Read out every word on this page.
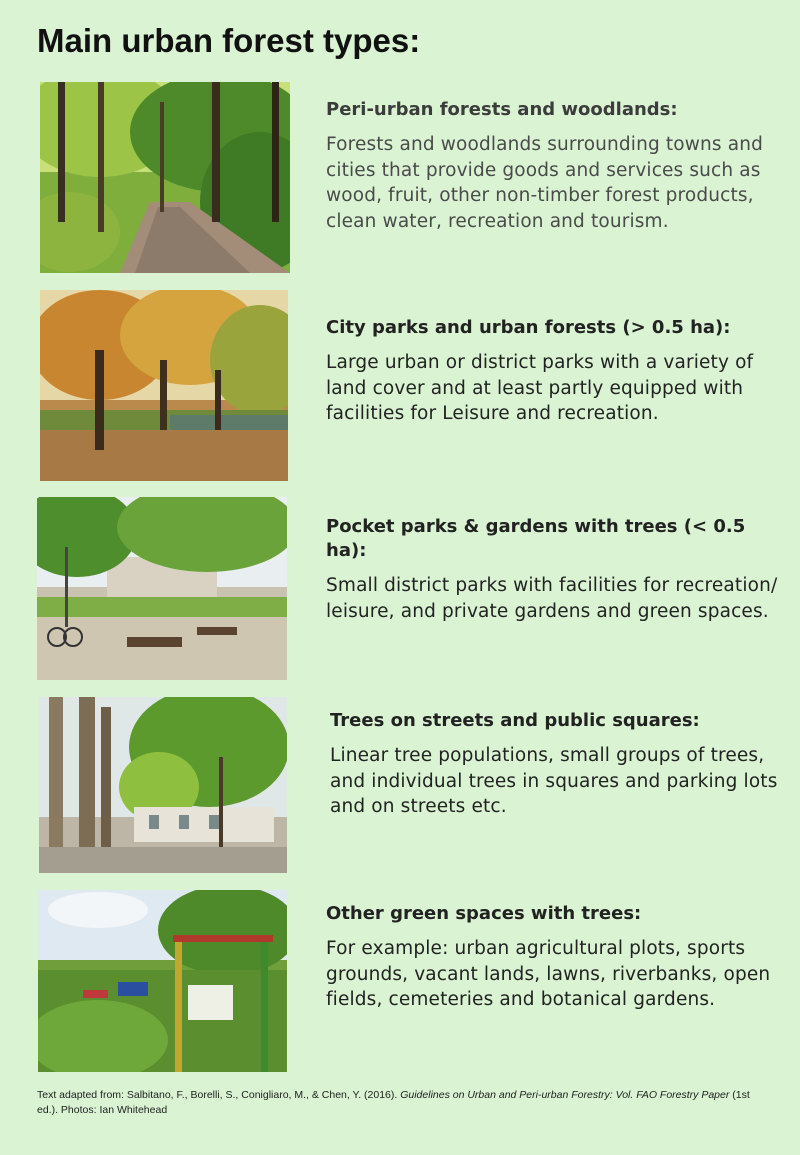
Main urban forest types:
Peri-urban forests and woodlands:

Forests and woodlands surrounding towns and cities that provide goods and services such as wood, fruit, other non-timber forest products, clean water, recreation and tourism.

City parks and urban forests (> 0.5 ha):

Large urban or district parks with a variety of land cover and at least partly equipped with facilities for Leisure and recreation.

Pocket parks & gardens with trees (< 0.5 ha):

Small district parks with facilities for recreation/ leisure, and private gardens and green spaces.

Trees on streets and public squares:

Linear tree populations, small groups of trees, and individual trees in squares and parking lots and on streets etc.

Other green spaces with trees:

For example: urban agricultural plots, sports grounds, vacant lands, lawns, riverbanks, open fields, cemeteries and botanical gardens.

Text adapted from: Salbitano, F., Borelli, S., Conigliaro, M., & Chen, Y. (2016). Guidelines on Urban and Peri-urban Forestry: Vol. FAO Forestry Paper (1st ed.). Photos: Ian Whitehead
